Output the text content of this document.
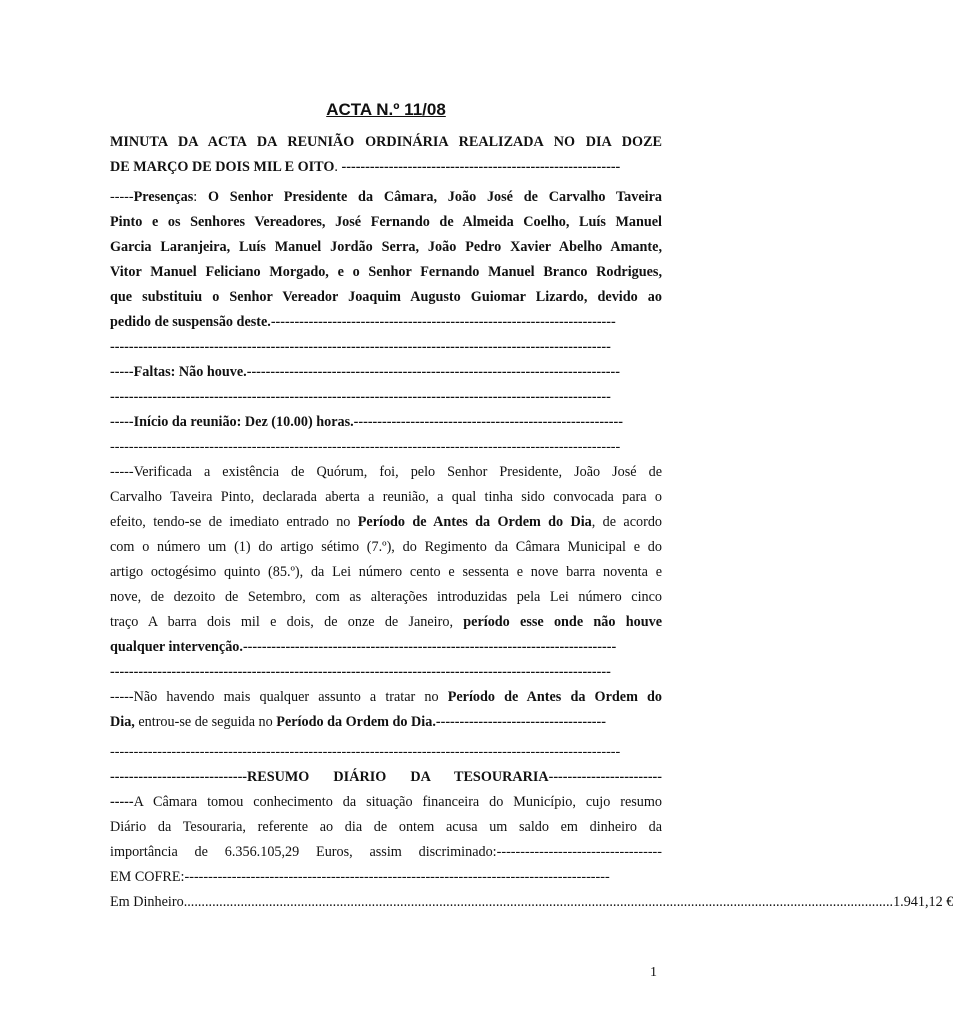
ACTA N.º 11/08
MINUTA DA ACTA DA REUNIÃO ORDINÁRIA REALIZADA NO DIA DOZE
DE MARÇO DE DOIS MIL E OITO. -----------------------------------------------------------
-----Presenças: O Senhor Presidente da Câmara, João José de Carvalho Taveira
Pinto e os Senhores Vereadores, José Fernando de Almeida Coelho, Luís Manuel
Garcia Laranjeira, Luís Manuel Jordão Serra, João Pedro Xavier Abelho Amante,
Vitor Manuel Feliciano Morgado, e o Senhor Fernando Manuel Branco Rodrigues,
que substituiu o Senhor Vereador Joaquim Augusto Guiomar Lizardo, devido ao
pedido de suspensão deste.-------------------------------------------------------------------------
----------------------------------------------------------------------------------------------------------
-----Faltas: Não houve.-------------------------------------------------------------------------------
----------------------------------------------------------------------------------------------------------
-----Início da reunião: Dez (10.00) horas.---------------------------------------------------------
------------------------------------------------------------------------------------------------------------
-----Verificada a existência de Quórum, foi, pelo Senhor Presidente, João José de
Carvalho Taveira Pinto, declarada aberta a reunião, a qual tinha sido convocada para o
efeito, tendo-se de imediato entrado no Período de Antes da Ordem do Dia, de acordo
com o número um (1) do artigo sétimo (7.º), do Regimento da Câmara Municipal e do
artigo octogésimo quinto (85.º), da Lei número cento e sessenta e nove barra noventa e
nove, de dezoito de Setembro, com as alterações introduzidas pela Lei número cinco
traço A barra dois mil e dois, de onze de Janeiro, período esse onde não houve
qualquer intervenção.-------------------------------------------------------------------------------
----------------------------------------------------------------------------------------------------------
-----Não havendo mais qualquer assunto a tratar no Período de Antes da Ordem do
Dia, entrou-se de seguida no Período da Ordem do Dia.------------------------------------
------------------------------------------------------------------------------------------------------------
-----------------------------RESUMO DIÁRIO DA TESOURARIA------------------------
-----A Câmara tomou conhecimento da situação financeira do Município, cujo resumo
Diário da Tesouraria, referente ao dia de ontem acusa um saldo em dinheiro da
importância de 6.356.105,29 Euros, assim discriminado:-----------------------------------
EM COFRE:------------------------------------------------------------------------------------------
Em Dinheiro ........................................................................................................................................................................................................ 1.941,12 €
1
